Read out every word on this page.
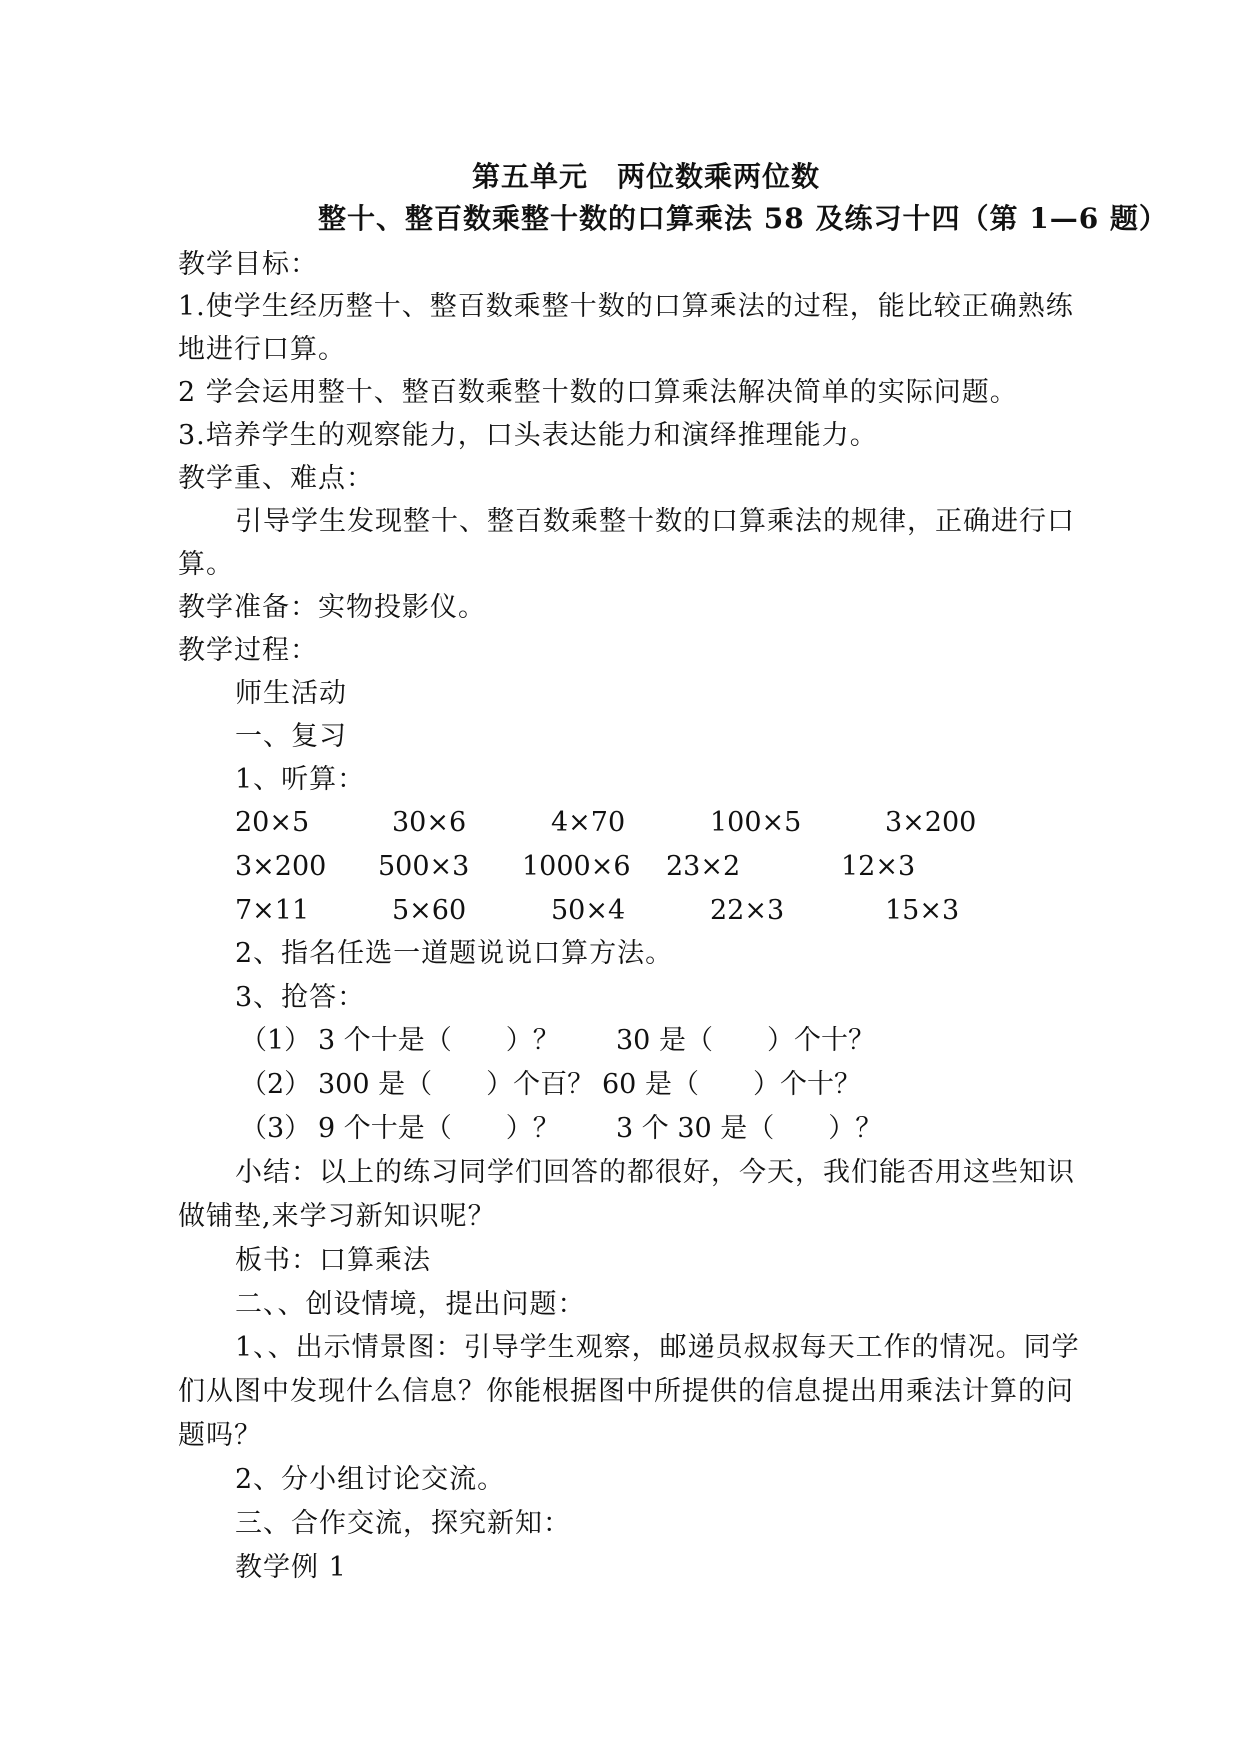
第五单元　两位数乘两位数
整十、整百数乘整十数的口算乘法 58 及练习十四（第 1—6 题）
教学目标：
1.使学生经历整十、整百数乘整十数的口算乘法的过程，能比较正确熟练
地进行口算。
2 学会运用整十、整百数乘整十数的口算乘法解决简单的实际问题。
3.培养学生的观察能力，口头表达能力和演绎推理能力。
教学重、难点：
引导学生发现整十、整百数乘整十数的口算乘法的规律，正确进行口
算。
教学准备：实物投影仪。
教学过程：
师生活动
一、复习
1、听算：
20×5	30×6	4×70	100×5	3×200
3×200 500×3 1000×6 23×2	12×3
7×11	5×60	50×4	22×3	15×3
2、指名任选一道题说说口算方法。
3、抢答：
（1） 3 个十是（　　）？ 30 是（　　）个十？
（2） 300 是（　　）个百？ 60 是（　　）个十？
（3） 9 个十是（　　）？ 3 个 30 是（　　）？
小结：以上的练习同学们回答的都很好，今天，我们能否用这些知识
做铺垫,来学习新知识呢？
板书：口算乘法
二、、创设情境，提出问题：
1、、出示情景图：引导学生观察，邮递员叔叔每天工作的情况。同学
们从图中发现什么信息？你能根据图中所提供的信息提出用乘法计算的问
题吗？
2、分小组讨论交流。
三、合作交流，探究新知：
教学例 1
